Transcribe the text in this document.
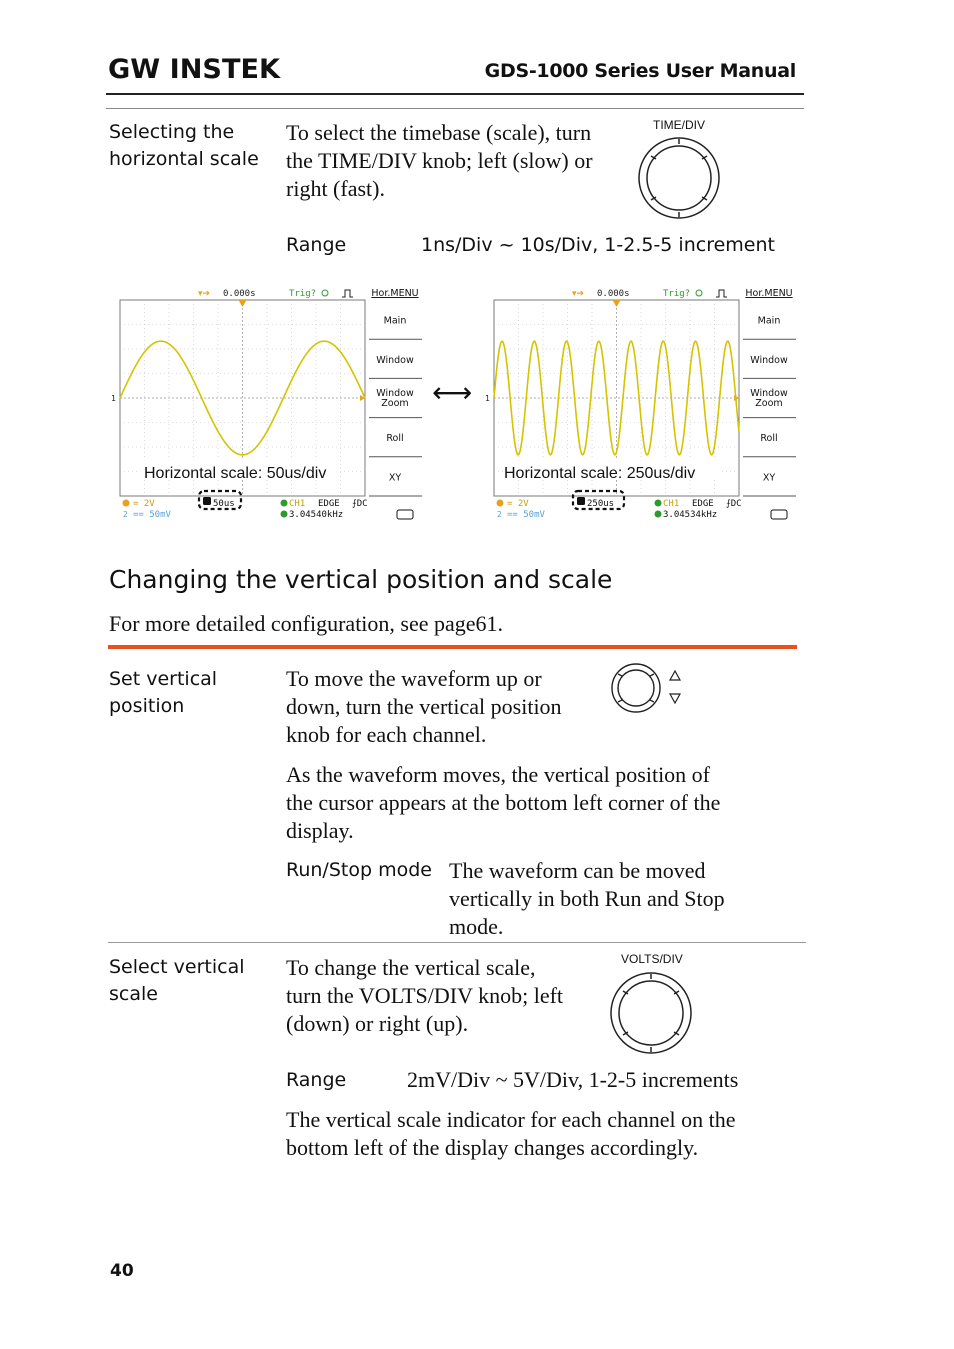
GW INSTEK	GDS-1000 Series User Manual
Selecting the
horizontal scale
To select the timebase (scale), turn
the TIME/DIV knob; left (slow) or
right (fast).
TIME/DIV
Range	1ns/Div ~ 10s/Div, 1-2.5-5 increment
1
▾➔ 0.000s	Trig?	Hor.MENU
Main
Window
Window
Zoom
Roll
XY
Horizontal scale: 50us/div
= 2V
2 == 50mV
50us	CH1 EDGE ⨍DC
3.04540kHz
⟷ 1
▾➔ 0.000s	Trig?	Hor.MENU
Main
Window
Window
Zoom
Roll
XY
Horizontal scale: 250us/div
= 2V
2 == 50mV
250us	CH1 EDGE ⨍DC
3.04534kHz
Changing the vertical position and scale
For more detailed configuration, see page61.
Set vertical
position
To move the waveform up or
down, turn the vertical position
knob for each channel.
As the waveform moves, the vertical position of
the cursor appears at the bottom left corner of the
display.
Run/Stop mode The waveform can be moved
vertically in both Run and Stop
mode.
Select vertical
scale
To change the vertical scale,
turn the VOLTS/DIV knob; left
(down) or right (up).
VOLTS/DIV
Range	2mV/Div ~ 5V/Div, 1-2-5 increments
The vertical scale indicator for each channel on the
bottom left of the display changes accordingly.
40
